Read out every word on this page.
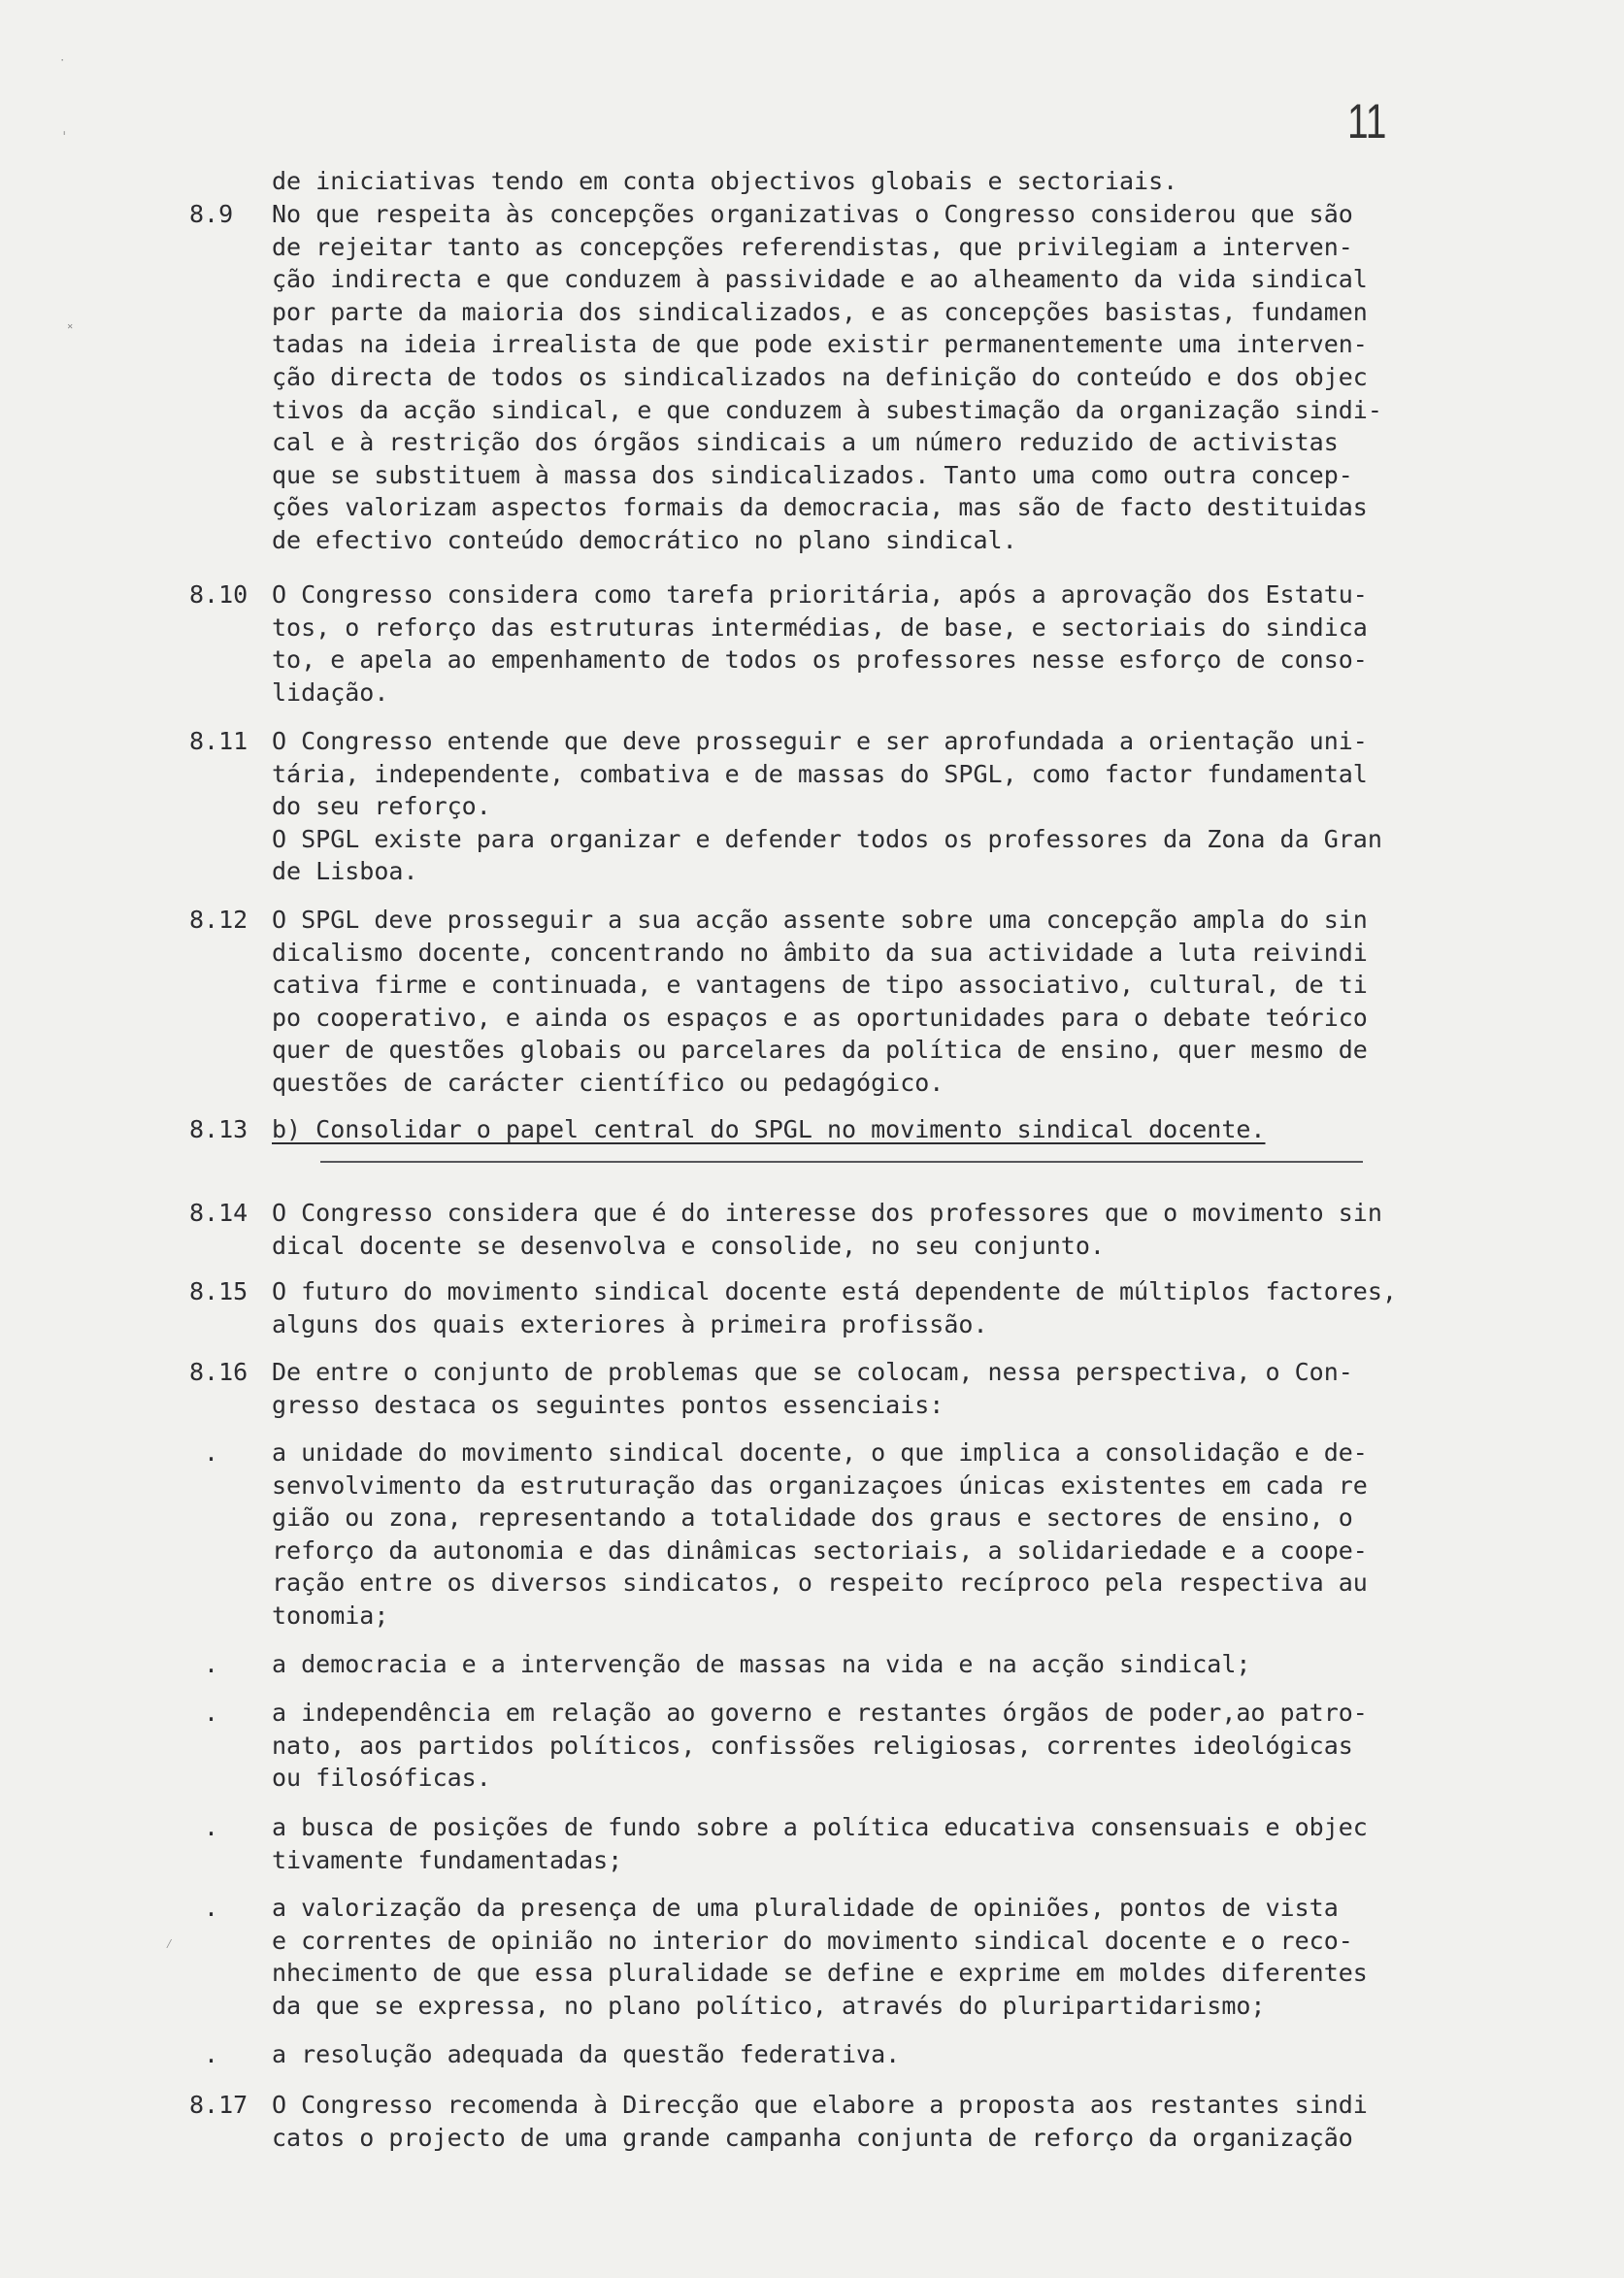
11
de iniciativas tendo em conta objectivos globais e sectoriais.
8.9 No que respeita às concepções organizativas o Congresso considerou que são
de rejeitar tanto as concepções referendistas, que privilegiam a interven-
ção indirecta e que conduzem à passividade e ao alheamento da vida sindical
por parte da maioria dos sindicalizados, e as concepções basistas, fundamen
tadas na ideia irrealista de que pode existir permanentemente uma interven-
ção directa de todos os sindicalizados na definição do conteúdo e dos objec
tivos da acção sindical, e que conduzem à subestimação da organização sindi-
cal e à restrição dos órgãos sindicais a um número reduzido de activistas
que se substituem à massa dos sindicalizados. Tanto uma como outra concep-
ções valorizam aspectos formais da democracia, mas são de facto destituidas
de efectivo conteúdo democrático no plano sindical.
8.10 O Congresso considera como tarefa prioritária, após a aprovação dos Estatu-
tos, o reforço das estruturas intermédias, de base, e sectoriais do sindica
to, e apela ao empenhamento de todos os professores nesse esforço de conso-
lidação.
8.11 O Congresso entende que deve prosseguir e ser aprofundada a orientação uni-
tária, independente, combativa e de massas do SPGL, como factor fundamental
do seu reforço.
O SPGL existe para organizar e defender todos os professores da Zona da Gran
de Lisboa.
8.12 O SPGL deve prosseguir a sua acção assente sobre uma concepção ampla do sin
dicalismo docente, concentrando no âmbito da sua actividade a luta reivindi
cativa firme e continuada, e vantagens de tipo associativo, cultural, de ti
po cooperativo, e ainda os espaços e as oportunidades para o debate teórico
quer de questões globais ou parcelares da política de ensino, quer mesmo de
questões de carácter científico ou pedagógico.
8.13 b) Consolidar o papel central do SPGL no movimento sindical docente.
8.14 O Congresso considera que é do interesse dos professores que o movimento sin
dical docente se desenvolva e consolide, no seu conjunto.
8.15 O futuro do movimento sindical docente está dependente de múltiplos factores,
alguns dos quais exteriores à primeira profissão.
8.16 De entre o conjunto de problemas que se colocam, nessa perspectiva, o Con-
gresso destaca os seguintes pontos essenciais:
. a unidade do movimento sindical docente, o que implica a consolidação e de-
senvolvimento da estruturação das organizaçoes únicas existentes em cada re
gião ou zona, representando a totalidade dos graus e sectores de ensino, o
reforço da autonomia e das dinâmicas sectoriais, a solidariedade e a coope-
ração entre os diversos sindicatos, o respeito recíproco pela respectiva au
tonomia;
. a democracia e a intervenção de massas na vida e na acção sindical;
. a independência em relação ao governo e restantes órgãos de poder,ao patro-
nato, aos partidos políticos, confissões religiosas, correntes ideológicas
ou filosóficas.
. a busca de posições de fundo sobre a política educativa consensuais e objec
tivamente fundamentadas;
. a valorização da presença de uma pluralidade de opiniões, pontos de vista
e correntes de opinião no interior do movimento sindical docente e o reco-
nhecimento de que essa pluralidade se define e exprime em moldes diferentes
da que se expressa, no plano político, através do pluripartidarismo;
. a resolução adequada da questão federativa.
8.17 O Congresso recomenda à Direcção que elabore a proposta aos restantes sindi
catos o projecto de uma grande campanha conjunta de reforço da organização
˙
ˌ
˟
⁄
